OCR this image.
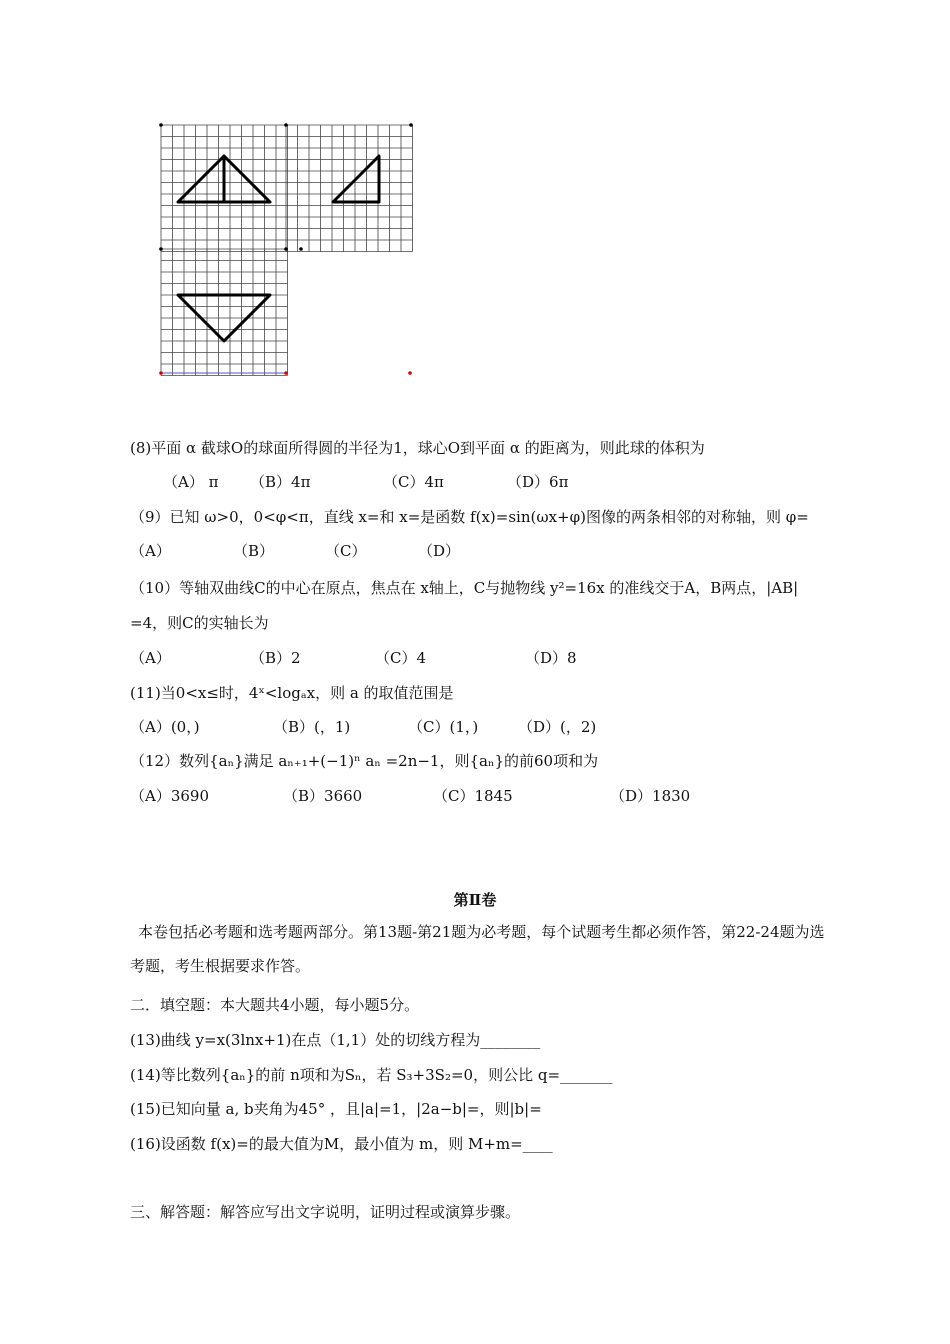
(8)平面 α 截球O的球面所得圆的半径为1，球心O到平面 α 的距离为，则此球的体积为
（A） π （B）4π	（C）4π	（D）6π
（9）已知 ω>0，0<φ<π，直线 x=和 x=是函数 f(x)=sin(ωx+φ)图像的两条相邻的对称轴，则 φ=
（A）	（B）	（C）	（D）
（10）等轴双曲线C的中心在原点，焦点在 x轴上，C与抛物线 y²=16x 的准线交于A，B两点，|AB|
=4，则C的实轴长为
（A）	（B）2	（C）4	（D）8
(11)当0<x≤时，4ˣ<logₐx，则 a 的取值范围是
（A）(0，)	（B）(，1)	（C）(1，)	（D）(，2)
（12）数列{aₙ}满足 aₙ₊₁+(−1)ⁿ aₙ =2n−1，则{aₙ}的前60项和为
（A）3690	（B）3660	（C）1845	（D）1830
第Ⅱ卷
本卷包括必考题和选考题两部分。第13题-第21题为必考题，每个试题考生都必须作答，第22-24题为选考题，考生根据要求作答。
二．填空题：本大题共4小题，每小题5分。
(13)曲线 y=x(3lnx+1)在点（1,1）处的切线方程为________
(14)等比数列{aₙ}的前 n项和为Sₙ，若 S₃+3S₂=0，则公比 q=_______
(15)已知向量 a, b夹角为45° ，且|a|=1，|2a−b|=，则|b|=
(16)设函数 f(x)=的最大值为M，最小值为 m，则 M+m=____
三、解答题：解答应写出文字说明，证明过程或演算步骤。
